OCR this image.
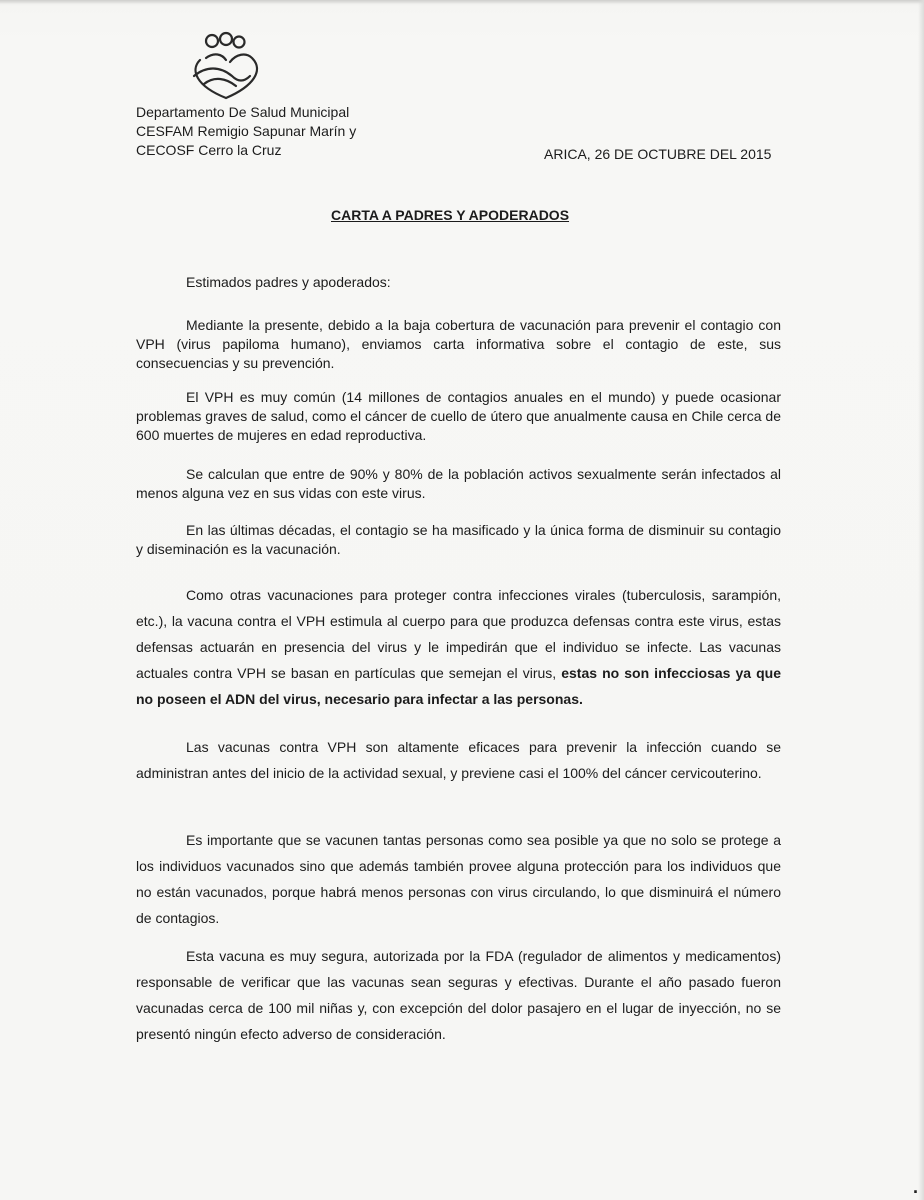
Departamento De Salud Municipal
CESFAM Remigio Sapunar Marín y
CECOSF Cerro la Cruz	ARICA, 26 DE OCTUBRE DEL 2015
CARTA A PADRES Y APODERADOS
Estimados padres y apoderados:
Mediante la presente, debido a la baja cobertura de vacunación para prevenir el contagio con VPH (virus papiloma humano), enviamos carta informativa sobre el contagio de este, sus consecuencias y su prevención.
El VPH es muy común (14 millones de contagios anuales en el mundo) y puede ocasionar problemas graves de salud, como el cáncer de cuello de útero que anualmente causa en Chile cerca de 600 muertes de mujeres en edad reproductiva.
Se calculan que entre de 90% y 80% de la población activos sexualmente serán infectados al menos alguna vez en sus vidas con este virus.
En las últimas décadas, el contagio se ha masificado y la única forma de disminuir su contagio y diseminación es la vacunación.
Como otras vacunaciones para proteger contra infecciones virales (tuberculosis, sarampión, etc.), la vacuna contra el VPH estimula al cuerpo para que produzca defensas contra este virus, estas defensas actuarán en presencia del virus y le impedirán que el individuo se infecte. Las vacunas actuales contra VPH se basan en partículas que semejan el virus, estas no son infecciosas ya que no poseen el ADN del virus, necesario para infectar a las personas.
Las vacunas contra VPH son altamente eficaces para prevenir la infección cuando se administran antes del inicio de la actividad sexual, y previene casi el 100% del cáncer cervicouterino.
Es importante que se vacunen tantas personas como sea posible ya que no solo se protege a los individuos vacunados sino que además también provee alguna protección para los individuos que no están vacunados, porque habrá menos personas con virus circulando, lo que disminuirá el número de contagios.
Esta vacuna es muy segura, autorizada por la FDA (regulador de alimentos y medicamentos) responsable de verificar que las vacunas sean seguras y efectivas. Durante el año pasado fueron vacunadas cerca de 100 mil niñas y, con excepción del dolor pasajero en el lugar de inyección, no se presentó ningún efecto adverso de consideración.
.
